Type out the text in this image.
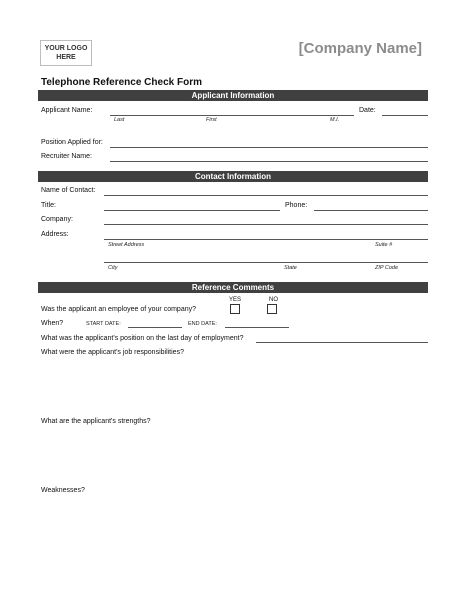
YOUR LOGO HERE
[Company Name]
Telephone Reference Check Form
Applicant Information
Applicant Name:
Last	First	M.I.
Date:
Position Applied for:
Recruiter Name:
Contact Information
Name of Contact:
Title:	Phone:
Company:
Address:
Street Address	Suite #
City	State	ZIP Code
Reference Comments
YES	NO
Was the applicant an employee of your company?
When?	START DATE:	END DATE:
What was the applicant's position on the last day of employment?
What were the applicant's job responsibilities?
What are the applicant's strengths?
Weaknesses?
